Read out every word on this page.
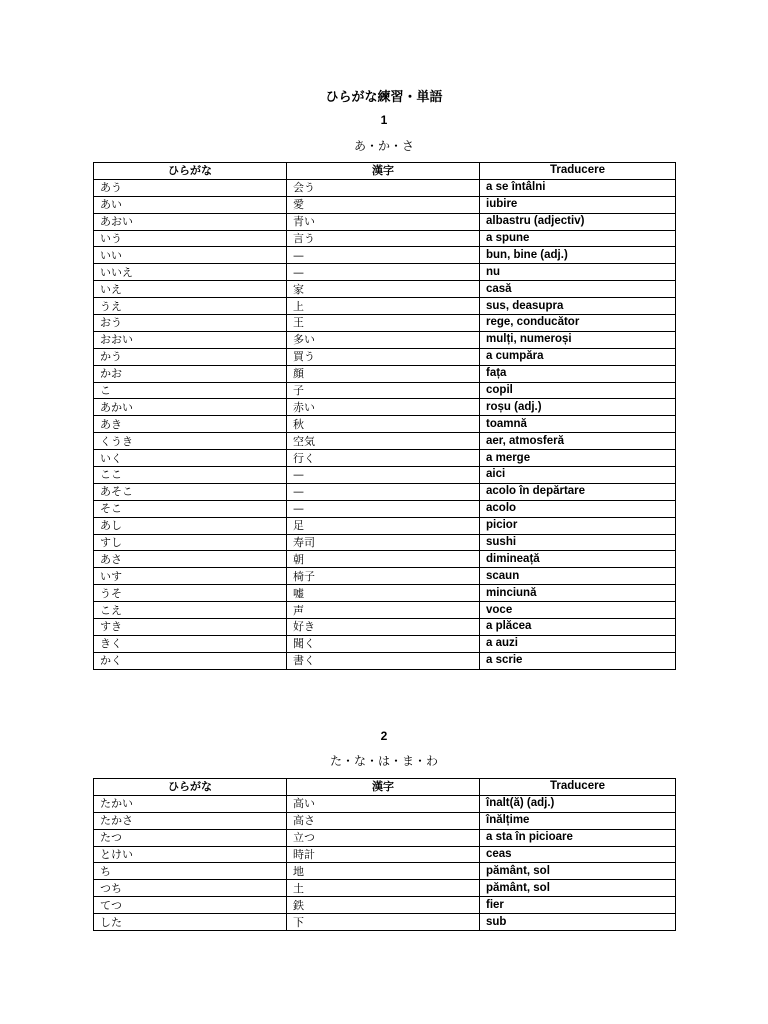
ひらがな練習・単語
1
あ・か・さ
ひらがな	漢字	Traducere
あう	会う	a se întâlni
あい	愛	iubire
あおい	青い	albastru (adjectiv)
いう	言う	a spune
いい	—	bun, bine (adj.)
いいえ	—	nu
いえ	家	casă
うえ	上	sus, deasupra
おう	王	rege, conducător
おおい	多い	mulți, numeroși
かう	買う	a cumpăra
かお	顔	fața
こ	子	copil
あかい	赤い	roșu (adj.)
あき	秋	toamnă
くうき	空気	aer, atmosferă
いく	行く	a merge
ここ	—	aici
あそこ	—	acolo în depărtare
そこ	—	acolo
あし	足	picior
すし	寿司	sushi
あさ	朝	dimineață
いす	椅子	scaun
うそ	嘘	minciună
こえ	声	voce
すき	好き	a plăcea
きく	聞く	a auzi
かく	書く	a scrie
2
た・な・は・ま・わ
ひらがな	漢字	Traducere
たかい	高い	înalt(ă) (adj.)
たかさ	高さ	înălțime
たつ	立つ	a sta în picioare
とけい	時計	ceas
ち	地	pământ, sol
つち	土	pământ, sol
てつ	鉄	fier
した	下	sub
